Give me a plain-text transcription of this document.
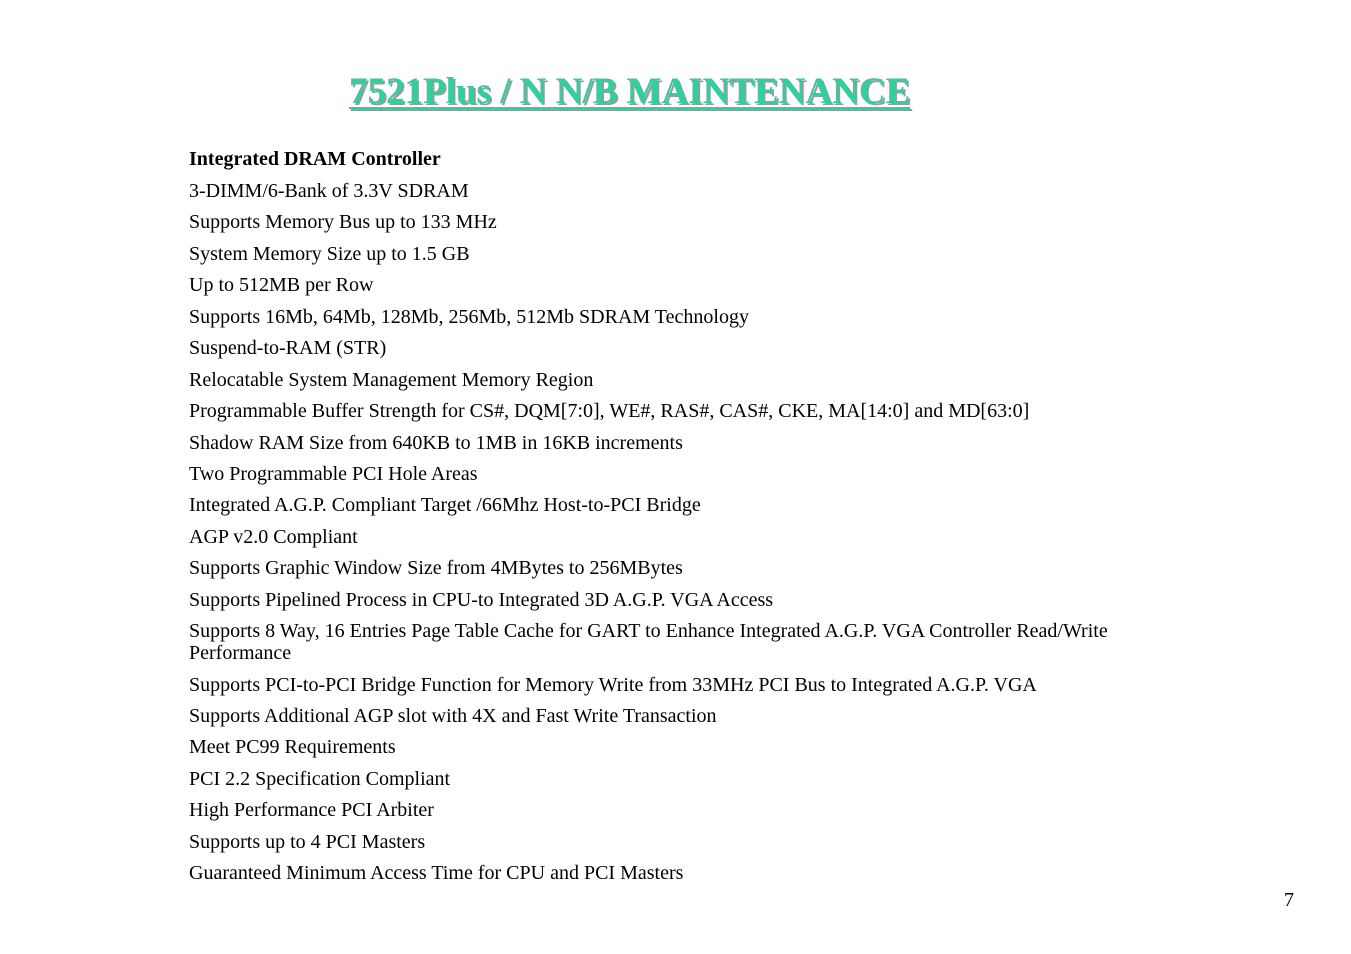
7521Plus / N N/B MAINTENANCE
Integrated DRAM Controller
3-DIMM/6-Bank of 3.3V SDRAM
Supports Memory Bus up to 133 MHz
System Memory Size up to 1.5 GB
Up to 512MB per Row
Supports 16Mb, 64Mb, 128Mb, 256Mb, 512Mb SDRAM Technology
Suspend-to-RAM (STR)
Relocatable System Management Memory Region
Programmable Buffer Strength for CS#, DQM[7:0], WE#, RAS#, CAS#, CKE, MA[14:0] and MD[63:0]
Shadow RAM Size from 640KB to 1MB in 16KB increments
Two Programmable PCI Hole Areas
Integrated A.G.P. Compliant Target /66Mhz Host-to-PCI Bridge
AGP v2.0 Compliant
Supports Graphic Window Size from 4MBytes to 256MBytes
Supports Pipelined Process in CPU-to Integrated 3D A.G.P. VGA Access
Supports 8 Way, 16 Entries Page Table Cache for GART to Enhance Integrated A.G.P. VGA Controller Read/Write Performance
Supports PCI-to-PCI Bridge Function for Memory Write from 33MHz PCI Bus to Integrated A.G.P. VGA
Supports Additional AGP slot with 4X and Fast Write Transaction
Meet PC99 Requirements
PCI 2.2 Specification Compliant
High Performance PCI Arbiter
Supports up to 4 PCI Masters
Guaranteed Minimum Access Time for CPU and PCI Masters
7
